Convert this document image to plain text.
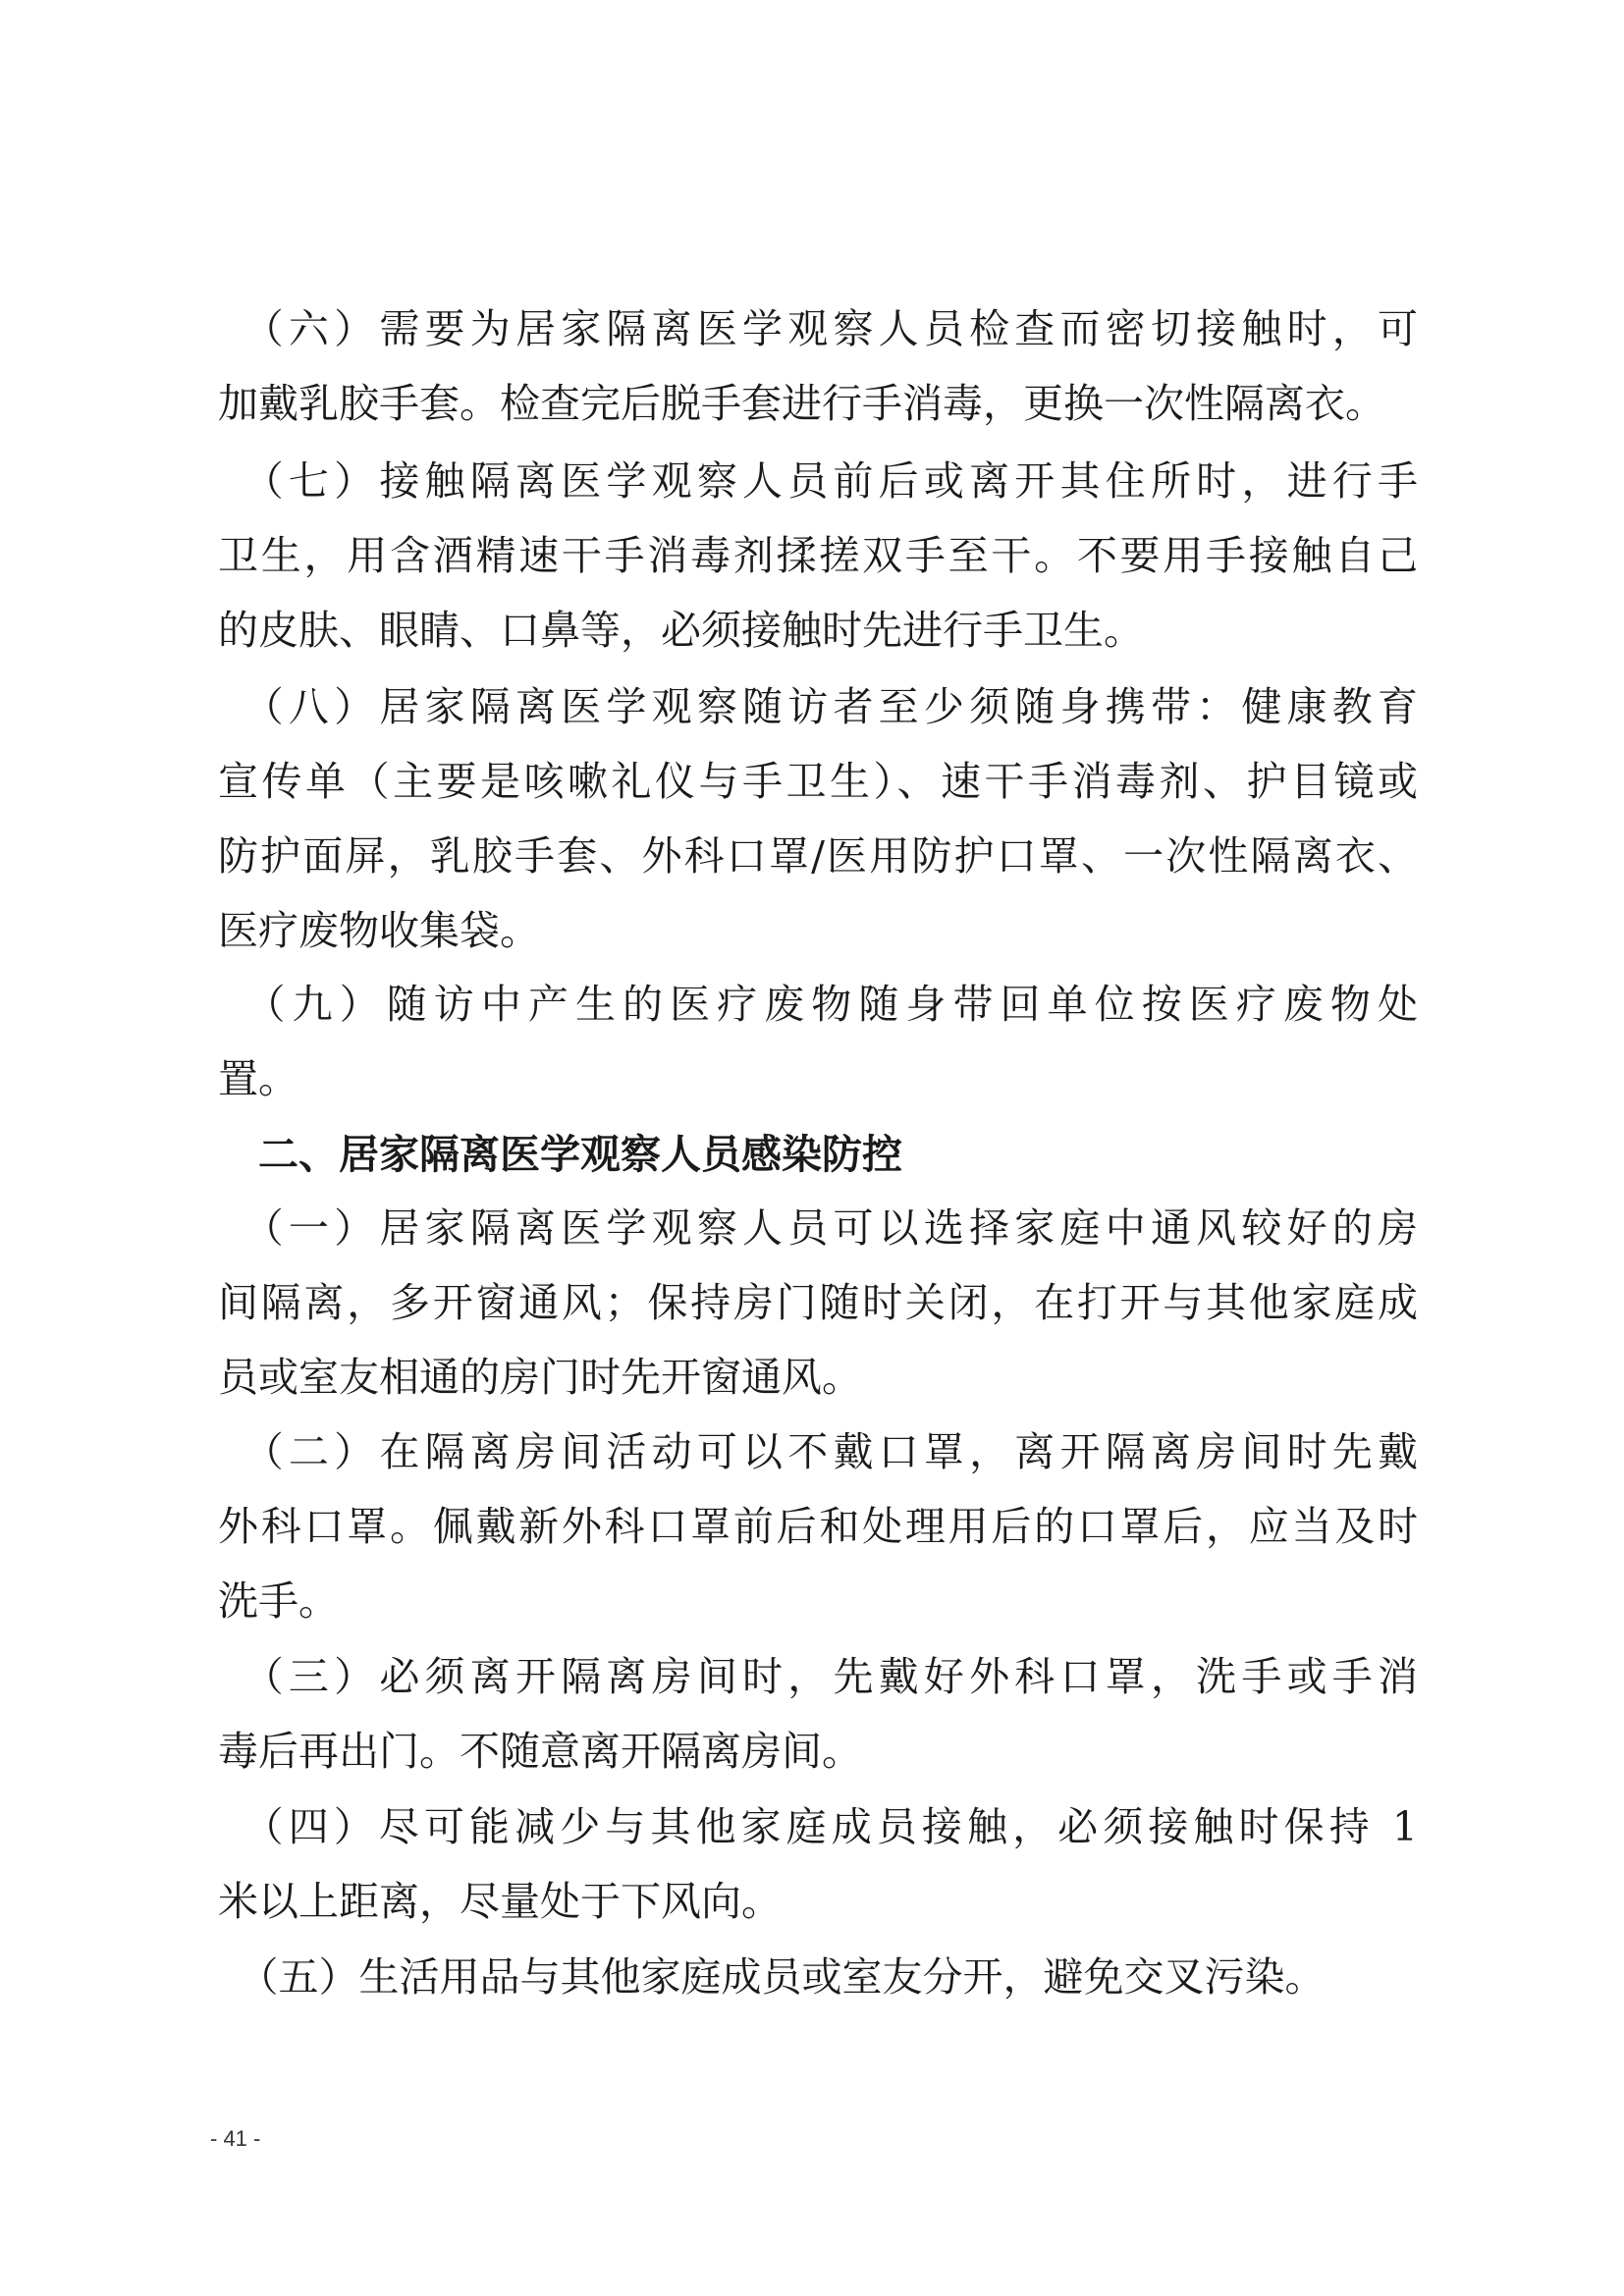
　（六）需要为居家隔离医学观察人员检查而密切接触时，可
加戴乳胶手套。检查完后脱手套进行手消毒，更换一次性隔离衣。
　（七）接触隔离医学观察人员前后或离开其住所时，进行手
卫生，用含酒精速干手消毒剂揉搓双手至干。不要用手接触自己
的皮肤、眼睛、口鼻等，必须接触时先进行手卫生。
　（八）居家隔离医学观察随访者至少须随身携带：健康教育
宣传单（主要是咳嗽礼仪与手卫生）、速干手消毒剂、护目镜或
防护面屏，乳胶手套、外科口罩/医用防护口罩、一次性隔离衣、
医疗废物收集袋。
　（九）随访中产生的医疗废物随身带回单位按医疗废物处
置。
　二、居家隔离医学观察人员感染防控
　（一）居家隔离医学观察人员可以选择家庭中通风较好的房
间隔离，多开窗通风；保持房门随时关闭，在打开与其他家庭成
员或室友相通的房门时先开窗通风。
　（二）在隔离房间活动可以不戴口罩，离开隔离房间时先戴
外科口罩。佩戴新外科口罩前后和处理用后的口罩后，应当及时
洗手。
　（三）必须离开隔离房间时，先戴好外科口罩，洗手或手消
毒后再出门。不随意离开隔离房间。
　（四）尽可能减少与其他家庭成员接触，必须接触时保持 1
米以上距离，尽量处于下风向。
　（五）生活用品与其他家庭成员或室友分开，避免交叉污染。
- 41 -
